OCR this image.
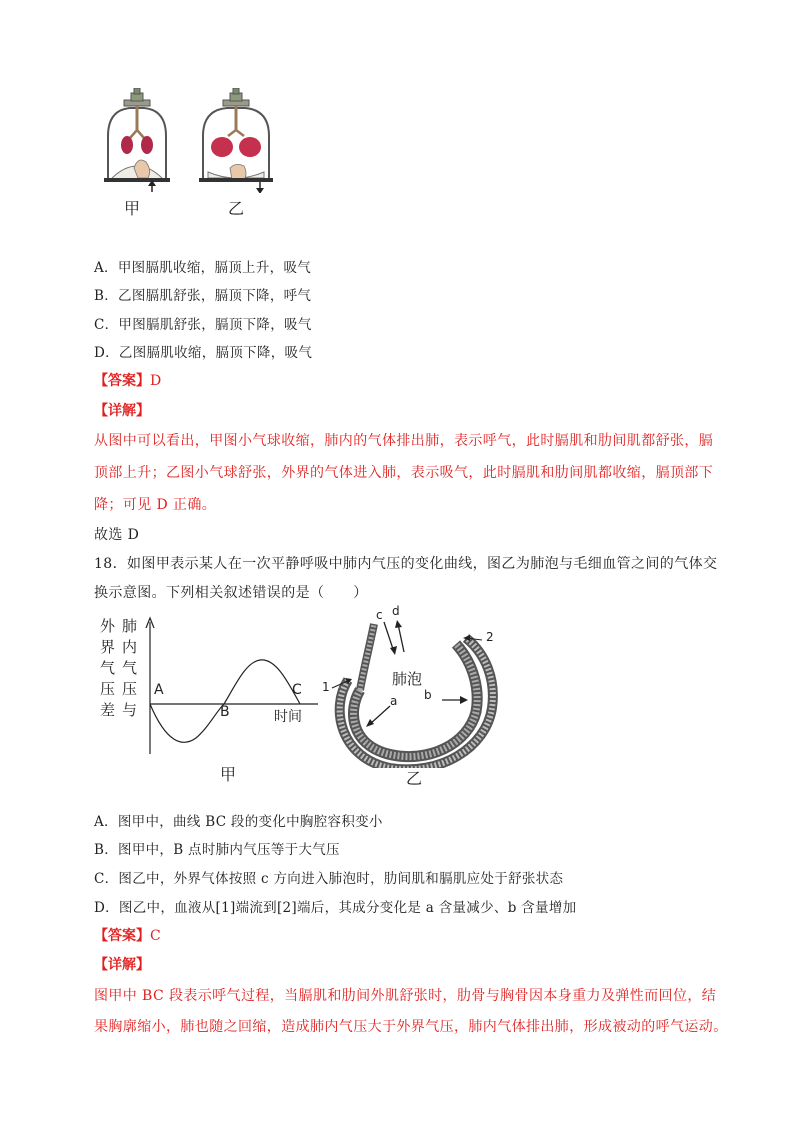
甲	乙
A．甲图膈肌收缩，膈顶上升，吸气
B．乙图膈肌舒张，膈顶下降，呼气
C．甲图膈肌舒张，膈顶下降，吸气
D．乙图膈肌收缩，膈顶下降，吸气
【答案】D
【详解】
从图中可以看出，甲图小气球收缩，肺内的气体排出肺，表示呼气，此时膈肌和肋间肌都舒张，膈
顶部上升；乙图小气球舒张，外界的气体进入肺，表示吸气，此时膈肌和肋间肌都收缩，膈顶部下
降；可见 D 正确。
故选 D
18．如图甲表示某人在一次平静呼吸中肺内气压的变化曲线，图乙为肺泡与毛细血管之间的气体交
换示意图。下列相关叙述错误的是（　　）
外
界
气
压
差
肺
内
气
压
与
A
B
C
时间
甲
c d
1
2
a b
肺泡
乙
A．图甲中，曲线 BC 段的变化中胸腔容积变小
B．图甲中，B 点时肺内气压等于大气压
C．图乙中，外界气体按照 c 方向进入肺泡时，肋间肌和膈肌应处于舒张状态
D．图乙中，血液从[1]端流到[2]端后，其成分变化是 a 含量减少、b 含量增加
【答案】C
【详解】
图甲中 BC 段表示呼气过程，当膈肌和肋间外肌舒张时，肋骨与胸骨因本身重力及弹性而回位，结
果胸廓缩小，肺也随之回缩，造成肺内气压大于外界气压，肺内气体排出肺，形成被动的呼气运动。
